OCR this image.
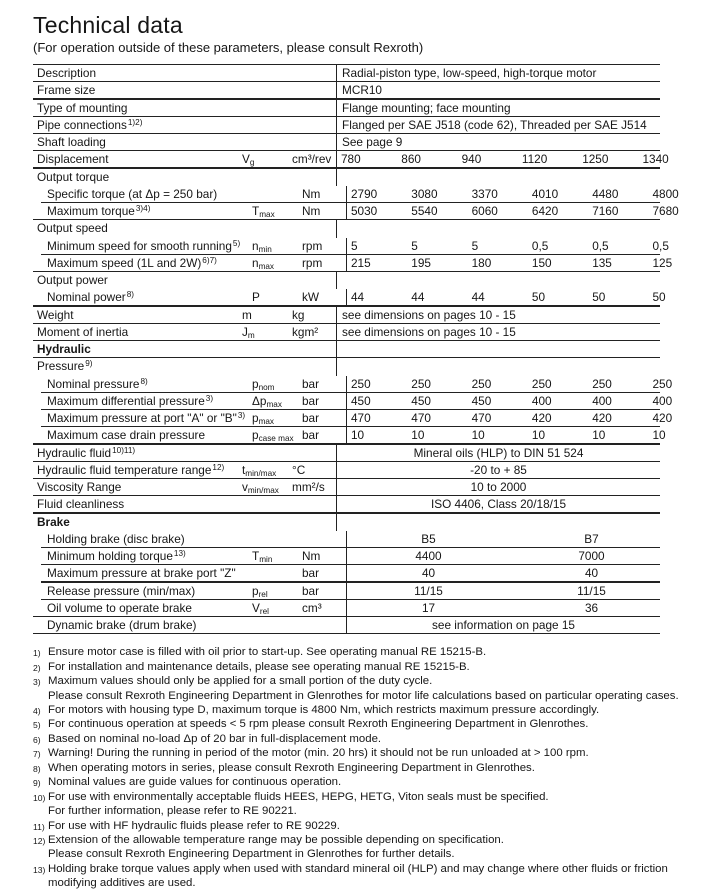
Technical data
(For operation outside of these parameters, please consult Rexroth)
Description	Radial-piston type, low-speed, high-torque motor
Frame size	MCR10
Type of mounting	Flange mounting; face mounting
Pipe connections$^{1)2)}$	Flanged per SAE J518 (code 62), Threaded per SAE J514
Shaft loading	See page 9
Displacement	$V_g$	cm³/rev 780	860	940	1120	1250	1340
Output torque
Specific torque (at Δp = 250 bar)	Nm	2790	3080	3370	4010	4480	4800
Maximum torque$^{3)4)}$	$T_{max}$	Nm	5030	5540	6060	6420	7160	7680
Output speed
Minimum speed for smooth running$^{5)}$	$n_{min}$	rpm	5	5	5	0,5	0,5	0,5
Maximum speed (1L and 2W)$^{6)7)}$	$n_{max}$	rpm	215	195	180	150	135	125
Output power
Nominal power$^{8)}$	P	kW	44	44	44	50	50	50
Weight	m	kg	see dimensions on pages 10 - 15
Moment of inertia	$J_m$	kgm²	see dimensions on pages 10 - 15
Hydraulic
Pressure$^{9)}$
Nominal pressure$^{8)}$	$p_{nom}$	bar	250	250	250	250	250	250
Maximum differential pressure$^{3)}$	$\Delta p_{max}$	bar	450	450	450	400	400	400
Maximum pressure at port "A" or "B"$^{3)}$ $p_{max}$	bar	470	470	470	420	420	420
Maximum case drain pressure	$p_{case max}$ bar	10	10	10	10	10	10
Hydraulic fluid$^{10)11)}$	Mineral oils (HLP) to DIN 51 524
Hydraulic fluid temperature range$^{12)}$	$t_{min/max}$	°C	-20 to + 85
Viscosity Range	$v_{min/max}$	mm²/s	10 to 2000
Fluid cleanliness	ISO 4406, Class 20/18/15
Brake
Holding brake (disc brake)	B5	B7
Minimum holding torque$^{13)}$	$T_{min}$	Nm	4400	7000
Maximum pressure at brake port "Z"	bar	40	40
Release pressure (min/max)	$p_{rel}$	bar	11/15	11/15
Oil volume to operate brake	$V_{rel}$	cm³	17	36
Dynamic brake (drum brake)	see information on page 15
1) Ensure motor case is filled with oil prior to start-up. See operating manual RE 15215-B.
2) For installation and maintenance details, please see operating manual RE 15215-B.
3) Maximum values should only be applied for a small portion of the duty cycle.
Please consult Rexroth Engineering Department in Glenrothes for motor life calculations based on particular operating cases.
4) For motors with housing type D, maximum torque is 4800 Nm, which restricts maximum pressure accordingly.
5) For continuous operation at speeds < 5 rpm please consult Rexroth Engineering Department in Glenrothes.
6) Based on nominal no-load Δp of 20 bar in full-displacement mode.
7) Warning! During the running in period of the motor (min. 20 hrs) it should not be run unloaded at > 100 rpm.
8) When operating motors in series, please consult Rexroth Engineering Department in Glenrothes.
9) Nominal values are guide values for continuous operation.
10) For use with environmentally acceptable fluids HEES, HEPG, HETG, Viton seals must be specified.
For further information, please refer to RE 90221.
11) For use with HF hydraulic fluids please refer to RE 90229.
12) Extension of the allowable temperature range may be possible depending on specification.
Please consult Rexroth Engineering Department in Glenrothes for further details.
13) Holding brake torque values apply when used with standard mineral oil (HLP) and may change where other fluids or friction
modifying additives are used.
